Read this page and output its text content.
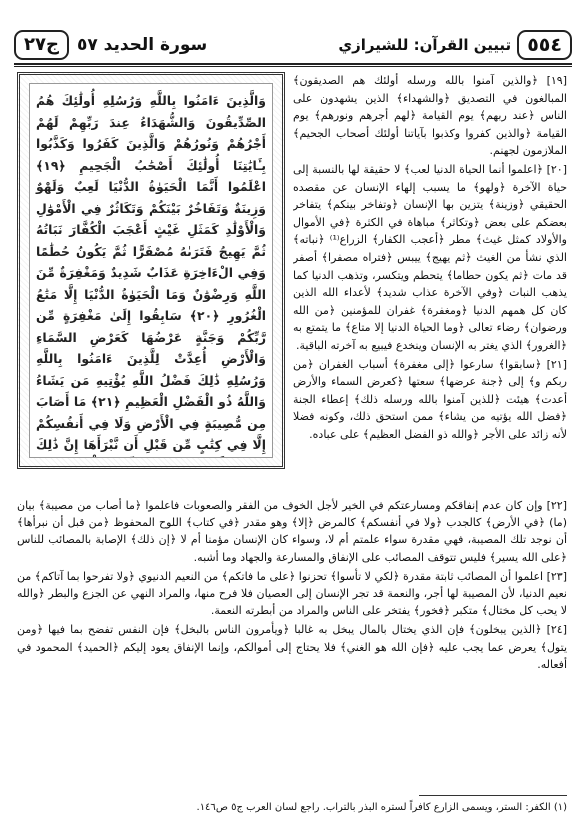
٥٥٤
تبيين القرآن: للشيرازي
سورة الحديد ٥٧
ج٢٧

وَالَّذِينَ ءَامَنُوا بِاللَّهِ وَرُسُلِهِ أُولَٰئِكَ هُمُ الصِّدِّيقُونَ وَالشُّهَدَاءُ عِندَ رَبِّهِمْ لَهُمْ أَجْرُهُمْ وَنُورُهُمْ وَالَّذِينَ كَفَرُوا وَكَذَّبُوا بِـَٔايَٰتِنَا أُولَٰئِكَ أَصْحَٰبُ الْجَحِيمِ ﴿١٩﴾ اعْلَمُوا أَنَّمَا الْحَيَوٰةُ الدُّنْيَا لَعِبٌ وَلَهْوٌ وَزِينَةٌ وَتَفَاخُرٌ بَيْنَكُمْ وَتَكَاثُرٌ فِي الْأَمْوَٰلِ وَالْأَوْلَٰدِ كَمَثَلِ غَيْثٍ أَعْجَبَ الْكُفَّارَ نَبَاتُهُ ثُمَّ يَهِيجُ فَتَرَىٰهُ مُصْفَرًّا ثُمَّ يَكُونُ حُطَٰمًا وَفِي الْءَاخِرَةِ عَذَابٌ شَدِيدٌ وَمَغْفِرَةٌ مِّنَ اللَّهِ وَرِضْوَٰنٌ وَمَا الْحَيَوٰةُ الدُّنْيَا إِلَّا مَتَٰعُ الْغُرُورِ ﴿٢٠﴾ سَابِقُوا إِلَىٰ مَغْفِرَةٍ مِّن رَّبِّكُمْ وَجَنَّةٍ عَرْضُهَا كَعَرْضِ السَّمَاءِ وَالْأَرْضِ أُعِدَّتْ لِلَّذِينَ ءَامَنُوا بِاللَّهِ وَرُسُلِهِ ذَٰلِكَ فَضْلُ اللَّهِ يُؤْتِيهِ مَن يَشَاءُ وَاللَّهُ ذُو الْفَضْلِ الْعَظِيمِ ﴿٢١﴾ مَا أَصَابَ مِن مُّصِيبَةٍ فِي الْأَرْضِ وَلَا فِي أَنفُسِكُمْ إِلَّا فِي كِتَٰبٍ مِّن قَبْلِ أَن نَّبْرَأَهَا إِنَّ ذَٰلِكَ

[١٩] ﴿والذين آمنوا بالله ورسله أولئك هم الصديقون﴾ المبالغون في التصديق ﴿والشهداء﴾ الذين يشهدون على الناس ﴿عند ربهم﴾ يوم القيامة ﴿لهم أجرهم ونورهم﴾ يوم القيامة ﴿والذين كفروا وكذبوا بآياتنا أولئك أصحاب الجحيم﴾ الملازمون لجهنم.

[٢٠] ﴿اعلموا أنما الحياة الدنيا لعب﴾ لا حقيقة لها بالنسبة إلى حياة الآخرة ﴿ولهو﴾ ما يسبب إلهاء الإنسان عن مقصده الحقيقي ﴿وزينة﴾ يتزين بها الإنسان ﴿وتفاخر بينكم﴾ يتفاخر بعضكم على بعض ﴿وتكاثر﴾ مباهاة في الكثرة ﴿في الأموال والأولاد كمثل غيث﴾ مطر ﴿أعجب الكفار﴾ الزراع⁽¹⁾ ﴿نباته﴾ الذي نشأ من الغيث ﴿ثم يهيج﴾ ييبس ﴿فتراه مصفرا﴾ أصفر قد مات ﴿ثم يكون حطاما﴾ يتحطم ويتكسر، وتذهب الدنيا كما يذهب النبات ﴿وفي الآخرة عذاب شديد﴾ لأعداء الله الذين كان كل همهم الدنيا ﴿ومغفرة﴾ غفران للمؤمنين ﴿من الله ورضوان﴾ رضاء تعالى ﴿وما الحياة الدنيا إلا متاع﴾ ما يتمتع به ﴿الغرور﴾ الذي يغتر به الإنسان وينخدع فيبيع به آخرته الباقية.

[٢١] ﴿سابقوا﴾ سارعوا ﴿إلى مغفرة﴾ أسباب الغفران ﴿من ربكم و﴾ إلى ﴿جنة عرضها﴾ سعتها ﴿كعرض السماء والأرض أعدت﴾ هيئت ﴿للذين آمنوا بالله ورسله ذلك﴾ إعطاء الجنة ﴿فضل الله يؤتيه من يشاء﴾ ممن استحق ذلك، وكونه فضلا لأنه زائد على الأجر ﴿والله ذو الفضل العظيم﴾ على عباده.

[٢٢] وإن كان عدم إنفاقكم ومسارعتكم في الخير لأجل الخوف من الفقر والصعوبات فاعلموا ﴿ما أصاب من مصيبة﴾ بيان (ما) ﴿في الأرض﴾ كالجدب ﴿ولا في أنفسكم﴾ كالمرض ﴿إلا﴾ وهو مقدر ﴿في كتاب﴾ اللوح المحفوظ ﴿من قبل أن نبرأها﴾ أن نوجد تلك المصيبة، فهي مقدرة سواء علمتم أم لا، وسواء كان الإنسان مؤمنا أم لا ﴿إن ذلك﴾ الإصابة بالمصائب للناس ﴿على الله يسير﴾ فليس تتوقف المصائب على الإنفاق والمسارعة والجهاد وما أشبه.

[٢٣] اعلموا أن المصائب ثابتة مقدرة ﴿لكي لا تأسوا﴾ تحزنوا ﴿على ما فاتكم﴾ من النعيم الدنيوي ﴿ولا تفرحوا بما آتاكم﴾ من نعيم الدنيا، لأن المصيبة لها أجر، والنعمة قد تجر الإنسان إلى العصيان فلا فرح منها، والمراد النهي عن الجزع والبطر ﴿والله لا يحب كل مختال﴾ متكبر ﴿فخور﴾ يفتخر على الناس والمراد من أبطرته النعمة.

[٢٤] ﴿الذين يبخلون﴾ فإن الذي يختال بالمال يبخل به غالبا ﴿ويأمرون الناس بالبخل﴾ فإن النفس تفضح بما فيها ﴿ومن يتول﴾ يعرض عما يجب عليه ﴿فإن الله هو الغني﴾ فلا يحتاج إلى أموالكم، وإنما الإنفاق يعود إليكم ﴿الحميد﴾ المحمود في أفعاله.

(١) الكفر: الستر، ويسمى الزارع كافراً لستره البذر بالتراب. راجع لسان العرب ج٥ ص١٤٦.
